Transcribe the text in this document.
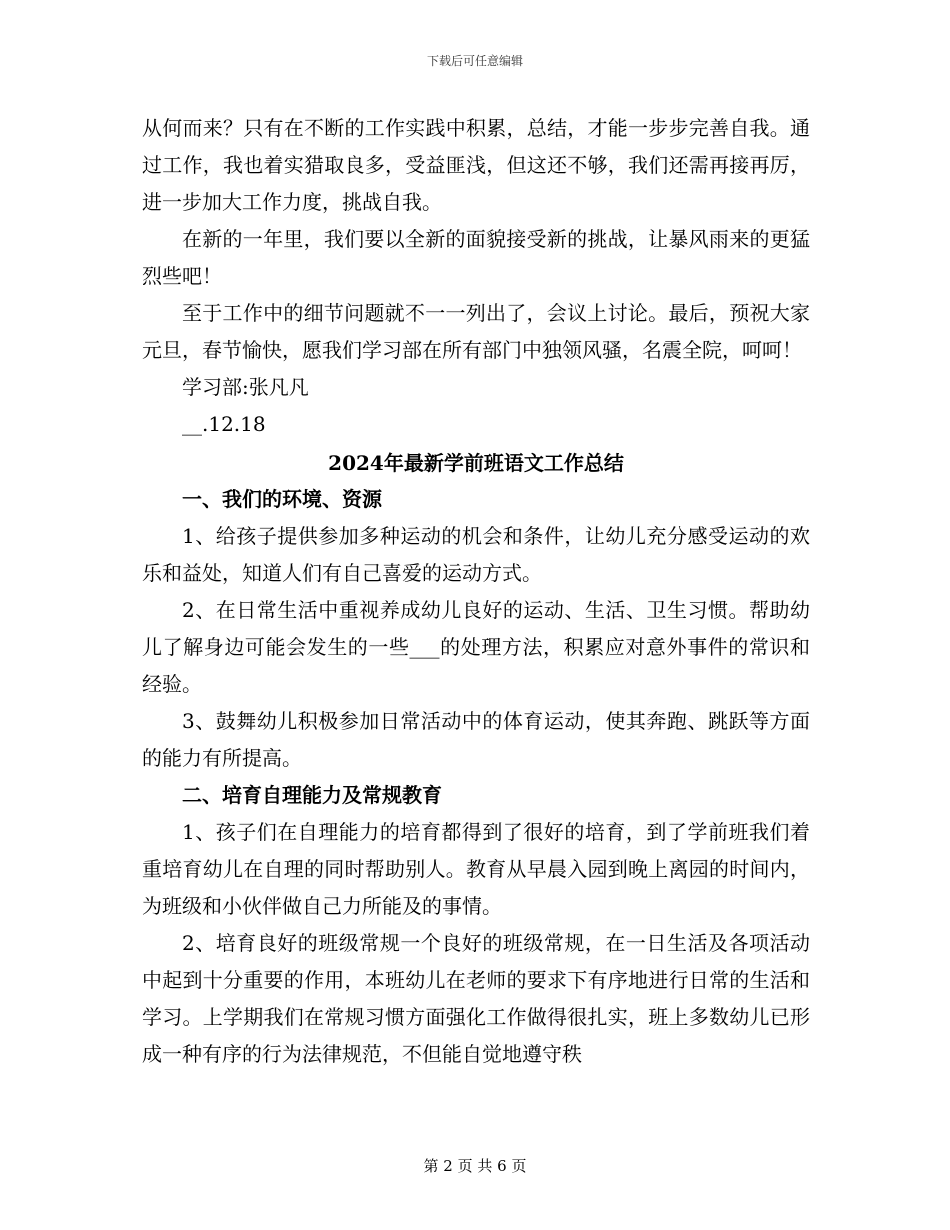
下载后可任意编辑

从何而来？只有在不断的工作实践中积累，总结，才能一步步完善自我。通过工作，我也着实猎取良多，受益匪浅，但这还不够，我们还需再接再厉，进一步加大工作力度，挑战自我。

在新的一年里，我们要以全新的面貌接受新的挑战，让暴风雨来的更猛烈些吧！

至于工作中的细节问题就不一一列出了，会议上讨论。最后，预祝大家元旦，春节愉快，愿我们学习部在所有部门中独领风骚，名震全院，呵呵！

学习部:张凡凡

__.12.18

2024年最新学前班语文工作总结
一、我们的环境、资源

1、给孩子提供参加多种运动的机会和条件，让幼儿充分感受运动的欢乐和益处，知道人们有自己喜爱的运动方式。

2、在日常生活中重视养成幼儿良好的运动、生活、卫生习惯。帮助幼儿了解身边可能会发生的一些___的处理方法，积累应对意外事件的常识和经验。

3、鼓舞幼儿积极参加日常活动中的体育运动，使其奔跑、跳跃等方面的能力有所提高。

二、培育自理能力及常规教育

1、孩子们在自理能力的培育都得到了很好的培育，到了学前班我们着重培育幼儿在自理的同时帮助别人。教育从早晨入园到晚上离园的时间内，为班级和小伙伴做自己力所能及的事情。

2、培育良好的班级常规一个良好的班级常规，在一日生活及各项活动中起到十分重要的作用，本班幼儿在老师的要求下有序地进行日常的生活和学习。上学期我们在常规习惯方面强化工作做得很扎实，班上多数幼儿已形成一种有序的行为法律规范，不但能自觉地遵守秩

第 2 页 共 6 页
